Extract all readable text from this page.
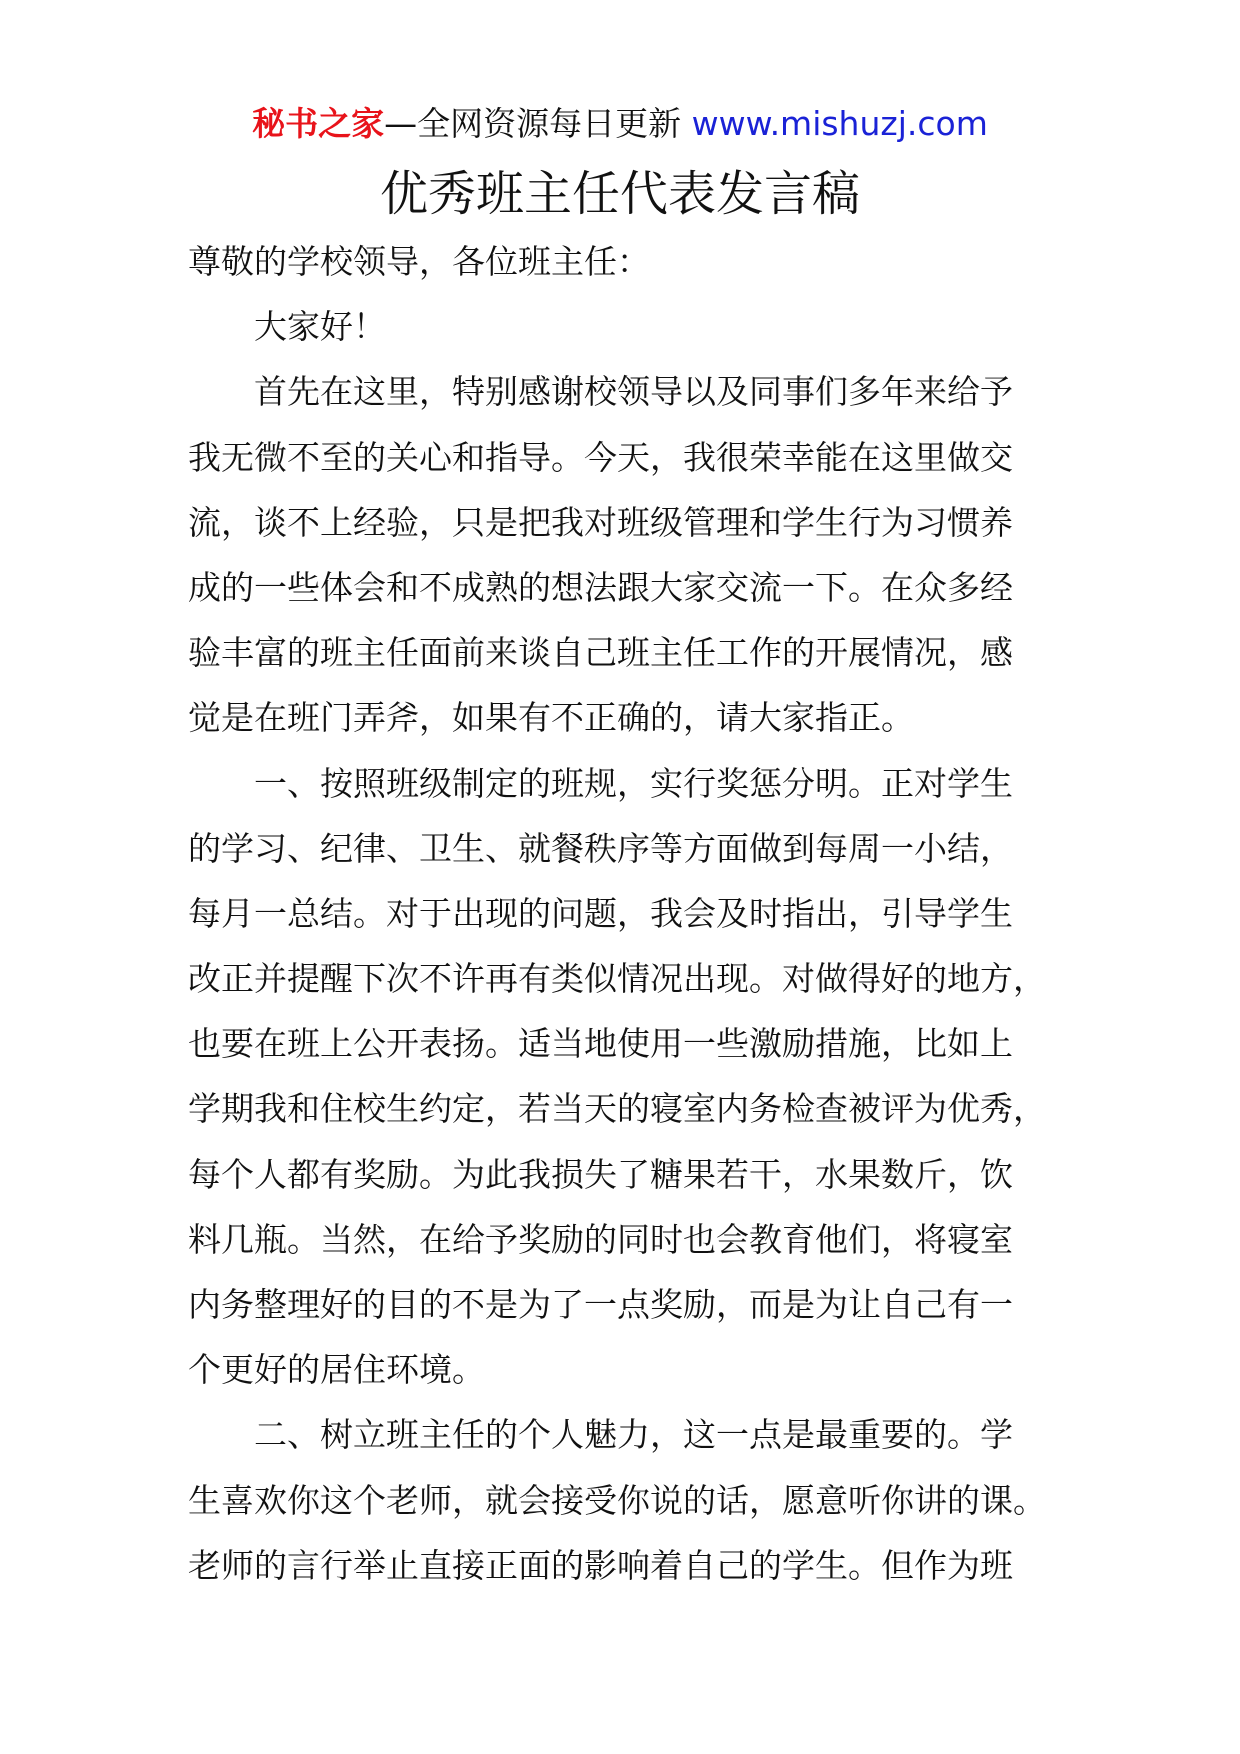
秘书之家—全网资源每日更新 www.mishuzj.com
优秀班主任代表发言稿
尊敬的学校领导，各位班主任：
大家好！
首先在这里，特别感谢校领导以及同事们多年来给予
我无微不至的关心和指导。今天，我很荣幸能在这里做交
流，谈不上经验，只是把我对班级管理和学生行为习惯养
成的一些体会和不成熟的想法跟大家交流一下。在众多经
验丰富的班主任面前来谈自己班主任工作的开展情况，感
觉是在班门弄斧，如果有不正确的，请大家指正。
一、按照班级制定的班规，实行奖惩分明。正对学生
的学习、纪律、卫生、就餐秩序等方面做到每周一小结，
每月一总结。对于出现的问题，我会及时指出，引导学生
改正并提醒下次不许再有类似情况出现。对做得好的地方，
也要在班上公开表扬。适当地使用一些激励措施，比如上
学期我和住校生约定，若当天的寝室内务检查被评为优秀，
每个人都有奖励。为此我损失了糖果若干，水果数斤，饮
料几瓶。当然，在给予奖励的同时也会教育他们，将寝室
内务整理好的目的不是为了一点奖励，而是为让自己有一
个更好的居住环境。
二、树立班主任的个人魅力，这一点是最重要的。学
生喜欢你这个老师，就会接受你说的话，愿意听你讲的课。
老师的言行举止直接正面的影响着自己的学生。但作为班
